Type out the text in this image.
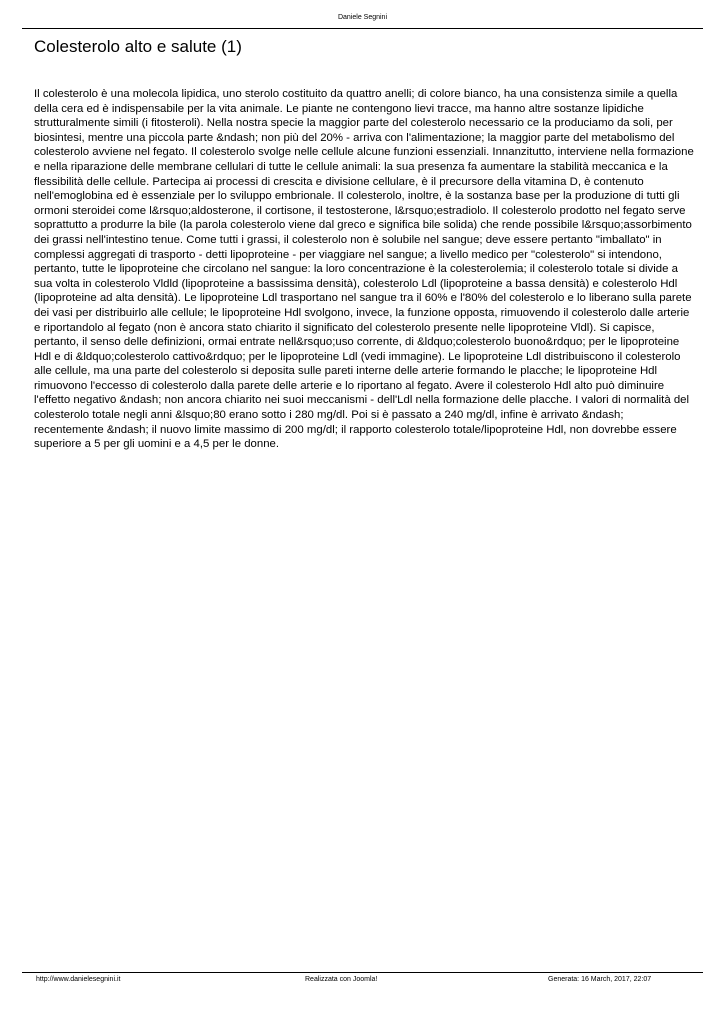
Daniele Segnini
Colesterolo alto e salute (1)

Il colesterolo è una molecola lipidica, uno sterolo costituito da quattro anelli; di colore bianco, ha una consistenza simile a quella della cera ed è indispensabile per la vita animale. Le piante ne contengono lievi tracce, ma hanno altre sostanze lipidiche strutturalmente simili (i fitosteroli). Nella nostra specie la maggior parte del colesterolo necessario ce la produciamo da soli, per biosintesi, mentre una piccola parte &ndash; non più del 20% - arriva con l'alimentazione; la maggior parte del metabolismo del colesterolo avviene nel fegato. Il colesterolo svolge nelle cellule alcune funzioni essenziali. Innanzitutto, interviene nella formazione e nella riparazione delle membrane cellulari di tutte le cellule animali: la sua presenza fa aumentare la stabilità meccanica e la flessibilità delle cellule. Partecipa ai processi di crescita e divisione cellulare, è il precursore della vitamina D, è contenuto nell'emoglobina ed è essenziale per lo sviluppo embrionale. Il colesterolo, inoltre, è la sostanza base per la produzione di tutti gli ormoni steroidei come l&rsquo;aldosterone, il cortisone, il testosterone, l&rsquo;estradiolo. Il colesterolo prodotto nel fegato serve soprattutto a produrre la bile (la parola colesterolo viene dal greco e significa bile solida) che rende possibile l&rsquo;assorbimento dei grassi nell'intestino tenue. Come tutti i grassi, il colesterolo non è solubile nel sangue; deve essere pertanto "imballato" in complessi aggregati di trasporto - detti lipoproteine - per viaggiare nel sangue; a livello medico per "colesterolo" si intendono, pertanto, tutte le lipoproteine che circolano nel sangue: la loro concentrazione è la colesterolemia; il colesterolo totale si divide a sua volta in colesterolo Vldld (lipoproteine a bassissima densità), colesterolo Ldl (lipoproteine a bassa densità) e colesterolo Hdl (lipoproteine ad alta densità). Le lipoproteine Ldl trasportano nel sangue tra il 60% e l'80% del colesterolo e lo liberano sulla parete dei vasi per distribuirlo alle cellule; le lipoproteine Hdl svolgono, invece, la funzione opposta, rimuovendo il colesterolo dalle arterie e riportandolo al fegato (non è ancora stato chiarito il significato del colesterolo presente nelle lipoproteine Vldl). Si capisce, pertanto, il senso delle definizioni, ormai entrate nell&rsquo;uso corrente, di &ldquo;colesterolo buono&rdquo; per le lipoproteine Hdl e di &ldquo;colesterolo cattivo&rdquo; per le lipoproteine Ldl (vedi immagine). Le lipoproteine Ldl distribuiscono il colesterolo alle cellule, ma una parte del colesterolo si deposita sulle pareti interne delle arterie formando le placche; le lipoproteine Hdl rimuovono l'eccesso di colesterolo dalla parete delle arterie e lo riportano al fegato. Avere il colesterolo Hdl alto può diminuire l'effetto negativo &ndash; non ancora chiarito nei suoi meccanismi - dell'Ldl nella formazione delle placche. I valori di normalità del colesterolo totale negli anni &lsquo;80 erano sotto i 280 mg/dl. Poi si è passato a 240 mg/dl, infine è arrivato &ndash; recentemente &ndash; il nuovo limite massimo di 200 mg/dl; il rapporto colesterolo totale/lipoproteine Hdl, non dovrebbe essere superiore a 5 per gli uomini e a 4,5 per le donne.

http://www.danielesegnini.it	Realizzata con Joomla!	Generata: 16 March, 2017, 22:07
